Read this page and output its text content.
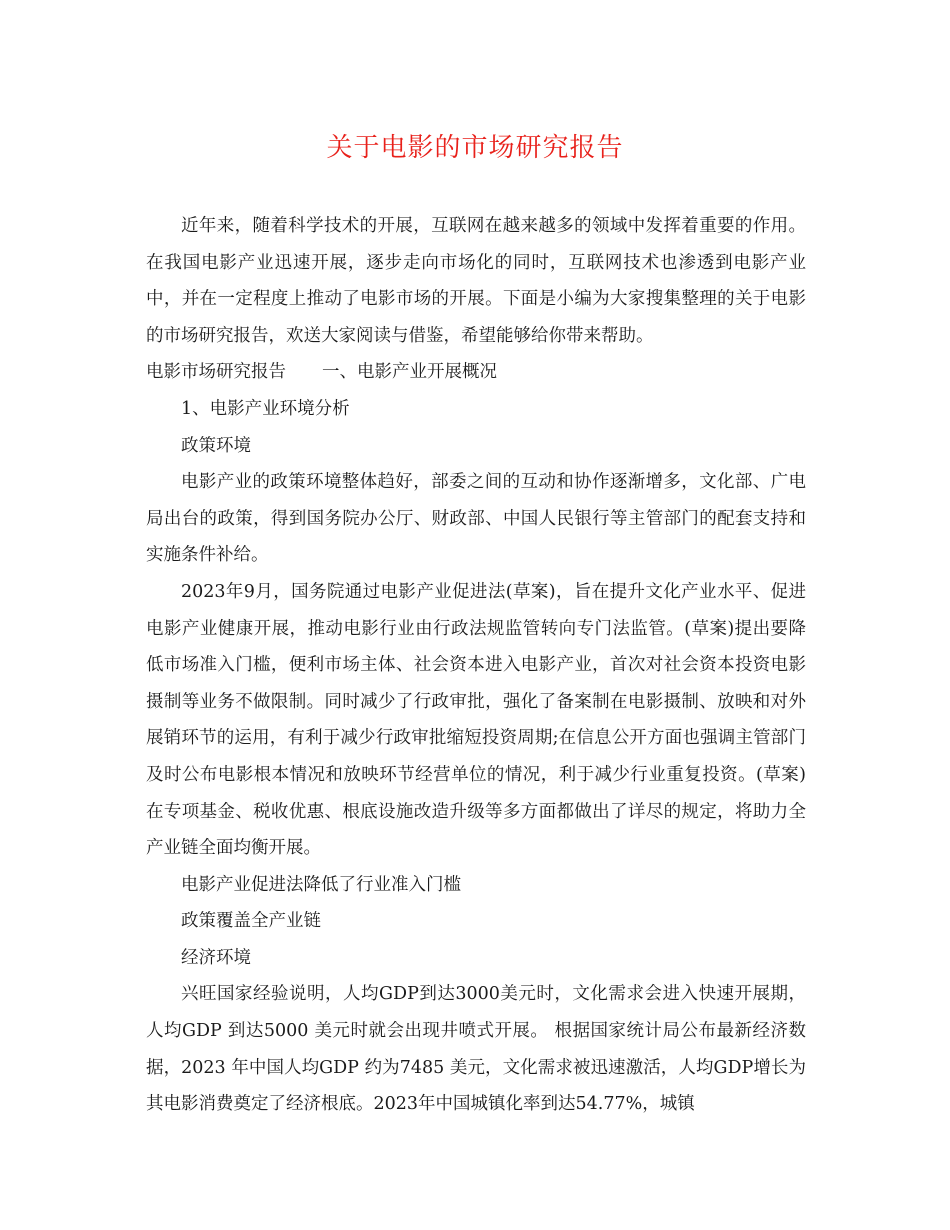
关于电影的市场研究报告

近年来，随着科学技术的开展，互联网在越来越多的领域中发挥着重要的作用。在我国电影产业迅速开展，逐步走向市场化的同时，互联网技术也渗透到电影产业中，并在一定程度上推动了电影市场的开展。下面是小编为大家搜集整理的关于电影的市场研究报告，欢送大家阅读与借鉴，希望能够给你带来帮助。

电影市场研究报告 一、电影产业开展概况

1、电影产业环境分析

政策环境

电影产业的政策环境整体趋好，部委之间的互动和协作逐渐增多，文化部、广电局出台的政策，得到国务院办公厅、财政部、中国人民银行等主管部门的配套支持和实施条件补给。

2023年9月，国务院通过电影产业促进法(草案)，旨在提升文化产业水平、促进电影产业健康开展，推动电影行业由行政法规监管转向专门法监管。(草案)提出要降低市场准入门槛，便利市场主体、社会资本进入电影产业，首次对社会资本投资电影摄制等业务不做限制。同时减少了行政审批，强化了备案制在电影摄制、放映和对外展销环节的运用，有利于减少行政审批缩短投资周期;在信息公开方面也强调主管部门及时公布电影根本情况和放映环节经营单位的情况，利于减少行业重复投资。(草案)在专项基金、税收优惠、根底设施改造升级等多方面都做出了详尽的规定，将助力全产业链全面均衡开展。

电影产业促进法降低了行业准入门槛

政策覆盖全产业链

经济环境

兴旺国家经验说明，人均GDP到达3000美元时，文化需求会进入快速开展期，人均GDP 到达5000 美元时就会出现井喷式开展。 根据国家统计局公布最新经济数据，2023 年中国人均GDP 约为7485 美元，文化需求被迅速激活，人均GDP增长为其电影消费奠定了经济根底。2023年中国城镇化率到达54.77%，城镇
